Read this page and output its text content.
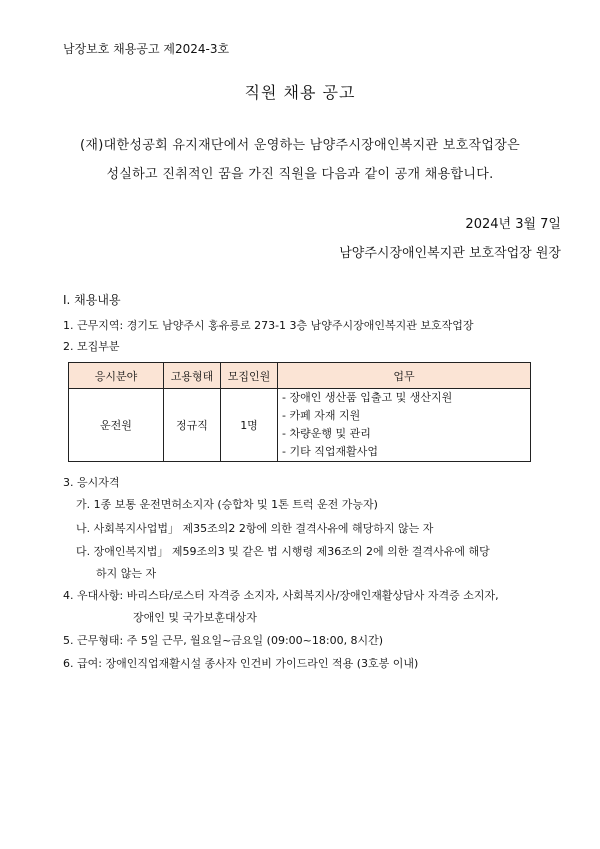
남장보호 채용공고 제2024-3호
직원 채용 공고
(재)대한성공회 유지재단에서 운영하는 남양주시장애인복지관 보호작업장은
성실하고 진취적인 꿈을 가진 직원을 다음과 같이 공개 채용합니다.
2024년 3월 7일
남양주시장애인복지관 보호작업장 원장
Ⅰ. 채용내용
1. 근무지역: 경기도 남양주시 홍유릉로 273-1 3층 남양주시장애인복지관 보호작업장
2. 모집부분
응시분야	고용형태	모집인원	업무
운전원	정규직	1명	- 장애인 생산품 입출고 및 생산지원
- 카페 자재 지원
- 차량운행 및 관리
- 기타 직업재활사업
3. 응시자격
가. 1종 보통 운전면허소지자 (승합차 및 1톤 트럭 운전 가능자)
나. 사회복지사업법」 제35조의2 2항에 의한 결격사유에 해당하지 않는 자
다. 장애인복지법」 제59조의3 및 같은 법 시행령 제36조의 2에 의한 결격사유에 해당
하지 않는 자
4. 우대사항: 바리스타/로스터 자격증 소지자, 사회복지사/장애인재활상담사 자격증 소지자,
장애인 및 국가보훈대상자
5. 근무형태: 주 5일 근무, 월요일~금요일 (09:00~18:00, 8시간)
6. 급여: 장애인직업재활시설 종사자 인건비 가이드라인 적용 (3호봉 이내)
